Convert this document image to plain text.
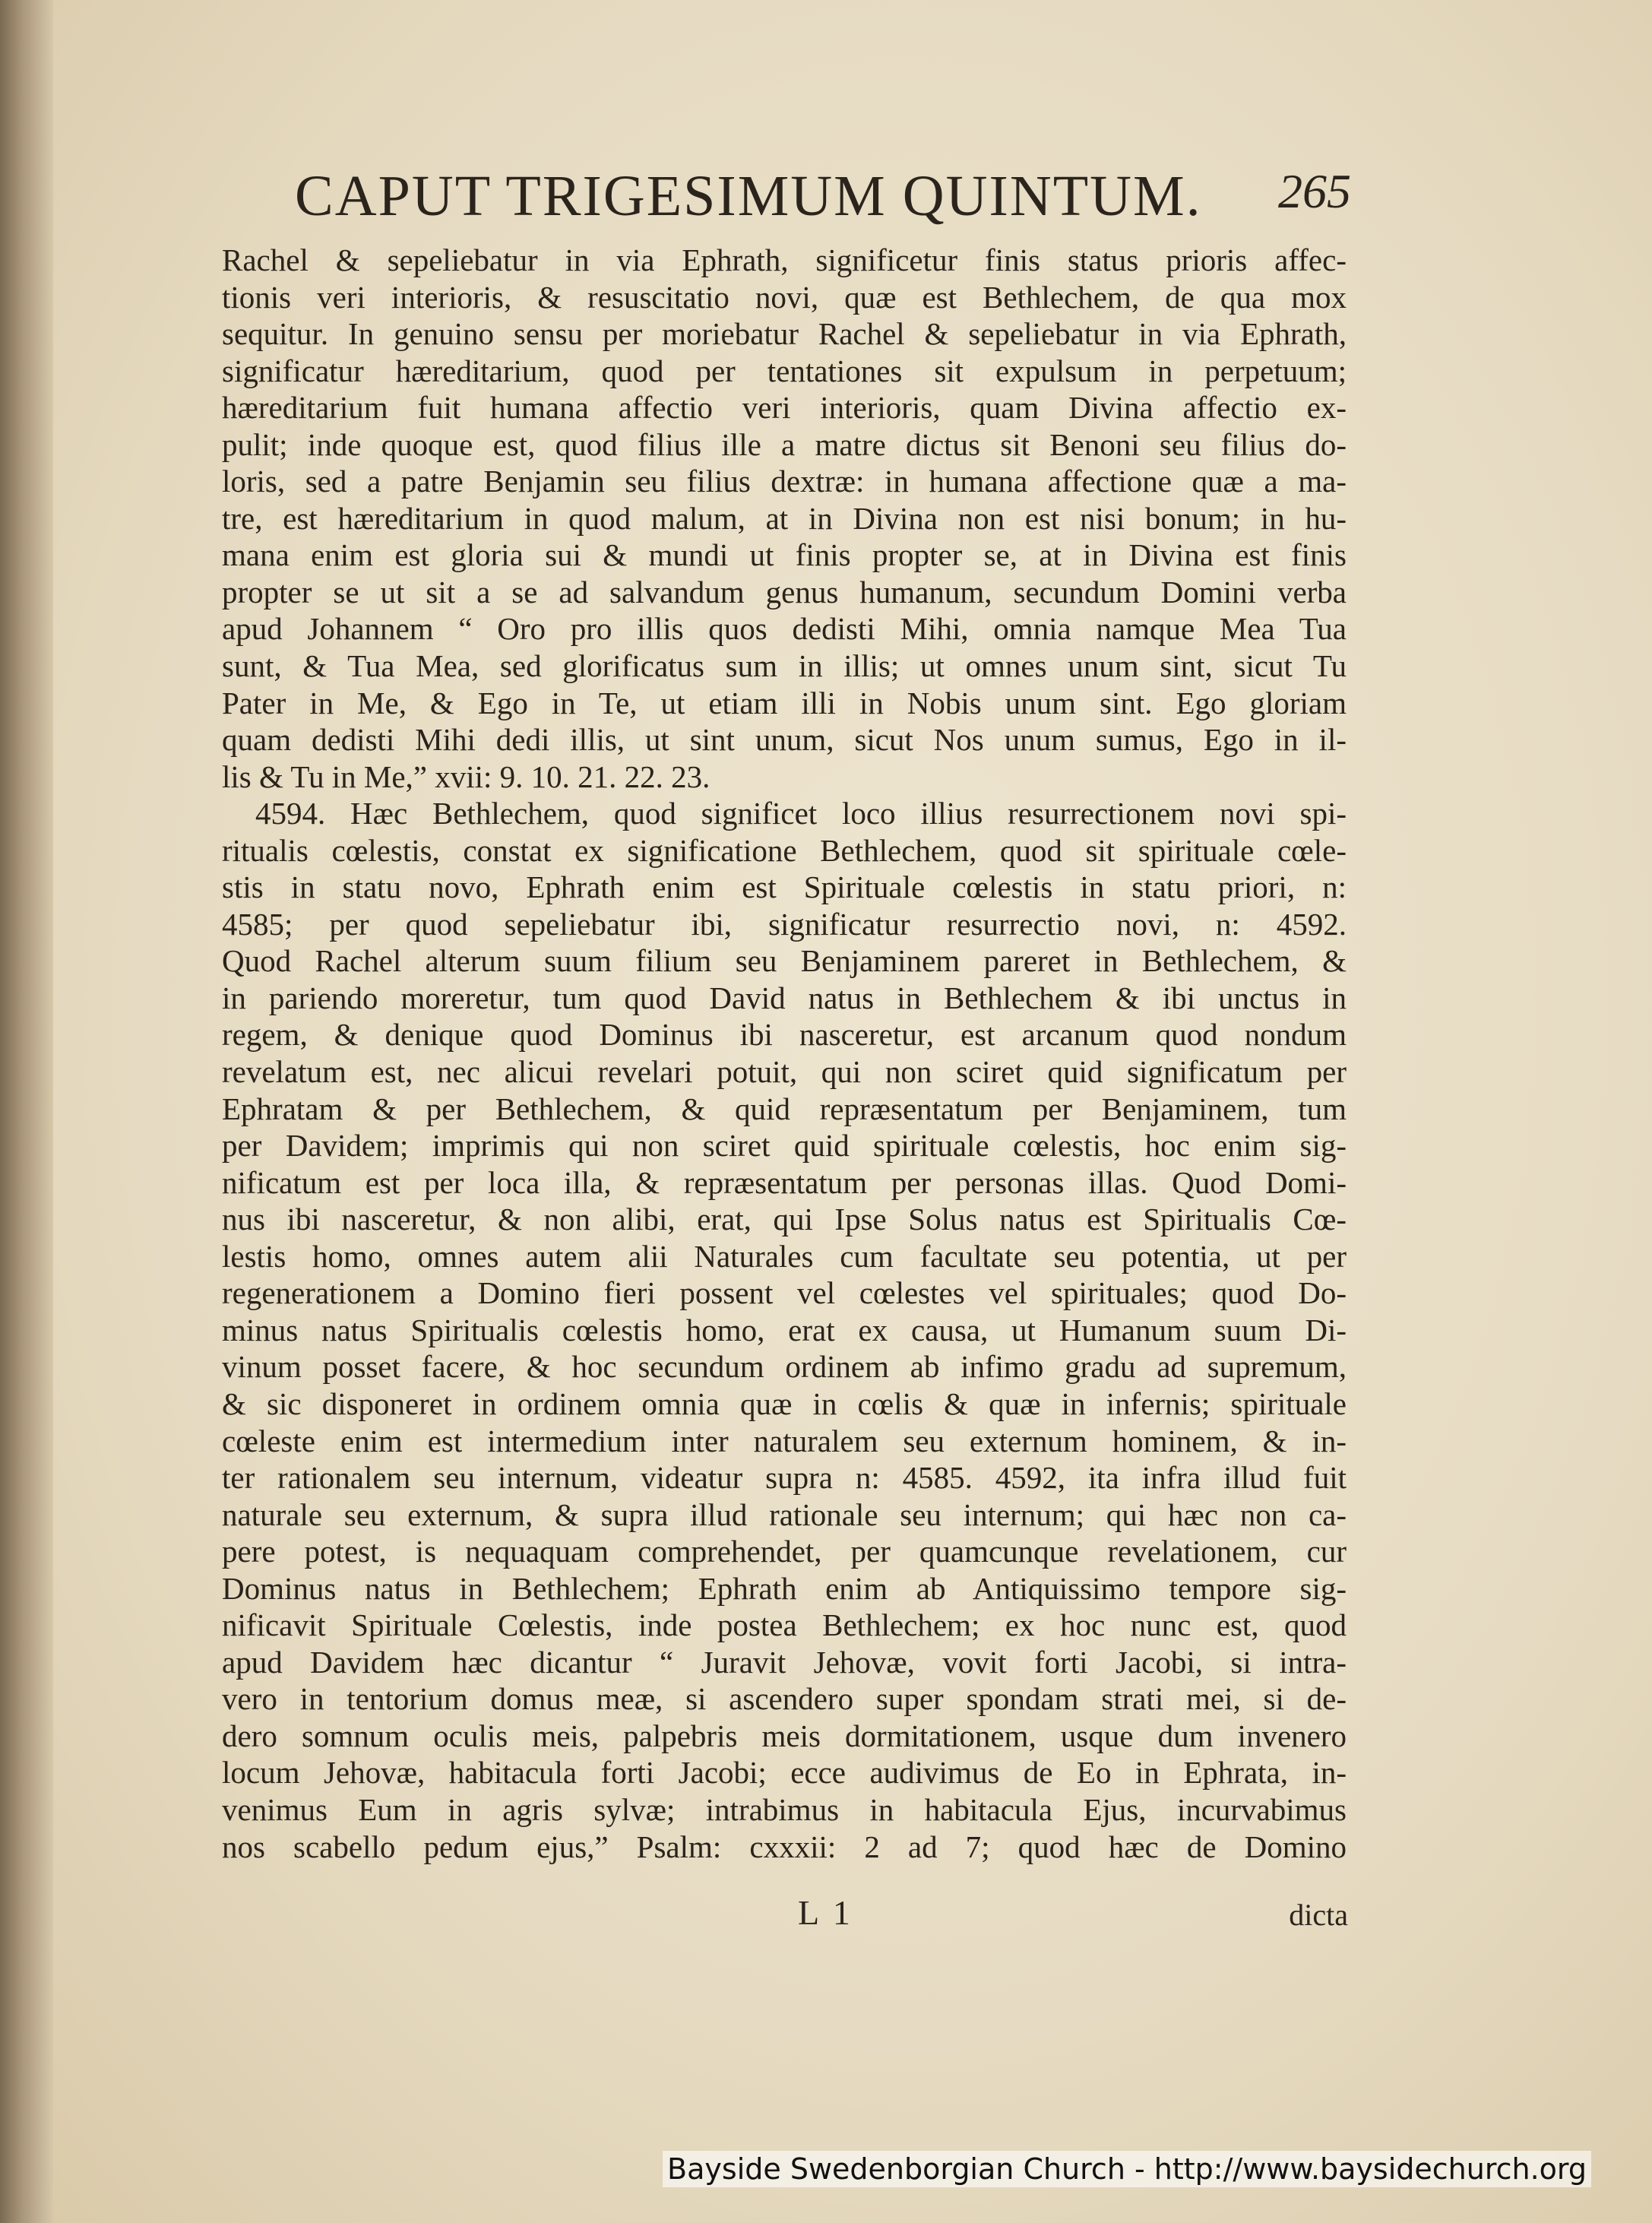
CAPUT TRIGESIMUM QUINTUM. 265
Rachel & sepeliebatur in via Ephrath, significetur finis status prioris affec-
tionis veri interioris, & resuscitatio novi, quæ est Bethlechem, de qua mox
sequitur. In genuino sensu per moriebatur Rachel & sepeliebatur in via Ephrath,
significatur hæreditarium, quod per tentationes sit expulsum in perpetuum;
hæreditarium fuit humana affectio veri interioris, quam Divina affectio ex-
pulit; inde quoque est, quod filius ille a matre dictus sit Benoni seu filius do-
loris, sed a patre Benjamin seu filius dextræ: in humana affectione quæ a ma-
tre, est hæreditarium in quod malum, at in Divina non est nisi bonum; in hu-
mana enim est gloria sui & mundi ut finis propter se, at in Divina est finis
propter se ut sit a se ad salvandum genus humanum, secundum Domini verba
apud Johannem “ Oro pro illis quos dedisti Mihi, omnia namque Mea Tua
sunt, & Tua Mea, sed glorificatus sum in illis; ut omnes unum sint, sicut Tu
Pater in Me, & Ego in Te, ut etiam illi in Nobis unum sint. Ego gloriam
quam dedisti Mihi dedi illis, ut sint unum, sicut Nos unum sumus, Ego in il-
lis & Tu in Me,” xvii: 9. 10. 21. 22. 23.
4594. Hæc Bethlechem, quod significet loco illius resurrectionem novi spi-
ritualis cœlestis, constat ex significatione Bethlechem, quod sit spirituale cœle-
stis in statu novo, Ephrath enim est Spirituale cœlestis in statu priori, n:
4585; per quod sepeliebatur ibi, significatur resurrectio novi, n: 4592.
Quod Rachel alterum suum filium seu Benjaminem pareret in Bethlechem, &
in pariendo moreretur, tum quod David natus in Bethlechem & ibi unctus in
regem, & denique quod Dominus ibi nasceretur, est arcanum quod nondum
revelatum est, nec alicui revelari potuit, qui non sciret quid significatum per
Ephratam & per Bethlechem, & quid repræsentatum per Benjaminem, tum
per Davidem; imprimis qui non sciret quid spirituale cœlestis, hoc enim sig-
nificatum est per loca illa, & repræsentatum per personas illas. Quod Domi-
nus ibi nasceretur, & non alibi, erat, qui Ipse Solus natus est Spiritualis Cœ-
lestis homo, omnes autem alii Naturales cum facultate seu potentia, ut per
regenerationem a Domino fieri possent vel cœlestes vel spirituales; quod Do-
minus natus Spiritualis cœlestis homo, erat ex causa, ut Humanum suum Di-
vinum posset facere, & hoc secundum ordinem ab infimo gradu ad supremum,
& sic disponeret in ordinem omnia quæ in cœlis & quæ in infernis; spirituale
cœleste enim est intermedium inter naturalem seu externum hominem, & in-
ter rationalem seu internum, videatur supra n: 4585. 4592, ita infra illud fuit
naturale seu externum, & supra illud rationale seu internum; qui hæc non ca-
pere potest, is nequaquam comprehendet, per quamcunque revelationem, cur
Dominus natus in Bethlechem; Ephrath enim ab Antiquissimo tempore sig-
nificavit Spirituale Cœlestis, inde postea Bethlechem; ex hoc nunc est, quod
apud Davidem hæc dicantur “ Juravit Jehovæ, vovit forti Jacobi, si intra-
vero in tentorium domus meæ, si ascendero super spondam strati mei, si de-
dero somnum oculis meis, palpebris meis dormitationem, usque dum invenero
locum Jehovæ, habitacula forti Jacobi; ecce audivimus de Eo in Ephrata, in-
venimus Eum in agris sylvæ; intrabimus in habitacula Ejus, incurvabimus
nos scabello pedum ejus,” Psalm: cxxxii: 2 ad 7; quod hæc de Domino
L 1	dicta
Bayside Swedenborgian Church - http://www.baysidechurch.org
